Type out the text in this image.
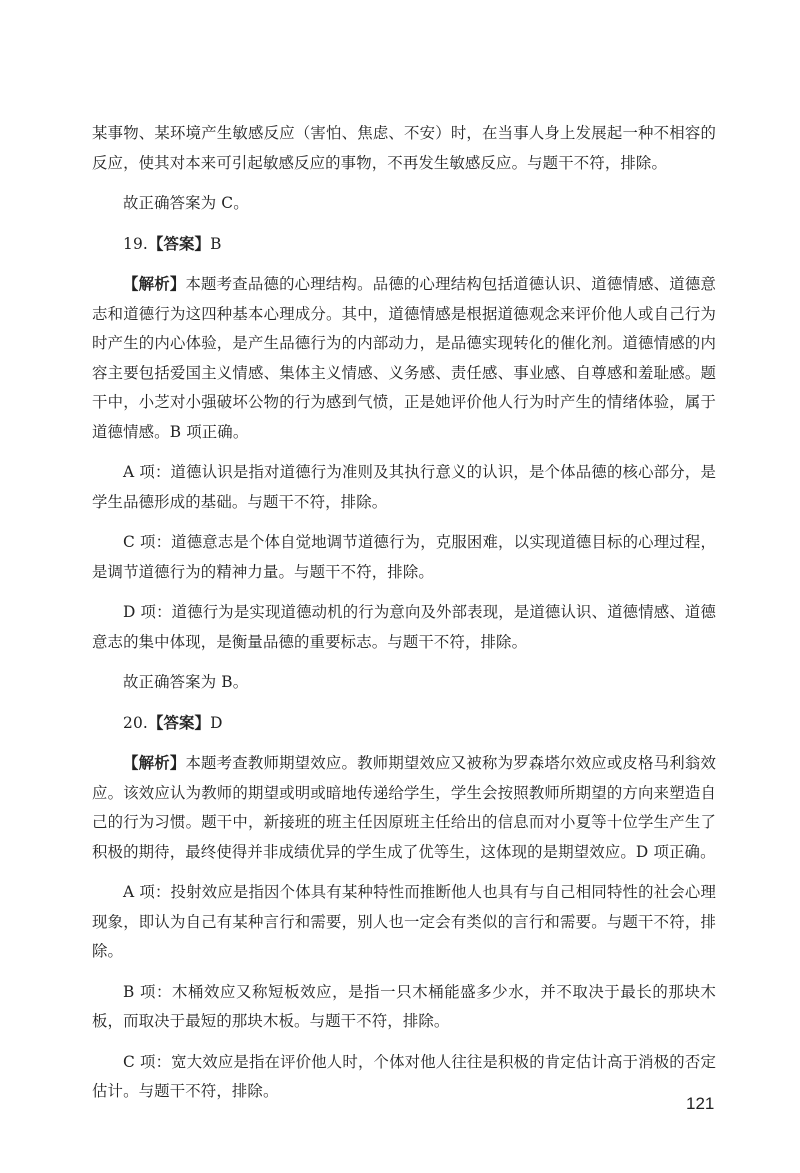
某事物、某环境产生敏感反应（害怕、焦虑、不安）时，在当事人身上发展起一种不相容的反应，使其对本来可引起敏感反应的事物，不再发生敏感反应。与题干不符，排除。

故正确答案为 C。

19.【答案】B

【解析】本题考查品德的心理结构。品德的心理结构包括道德认识、道德情感、道德意志和道德行为这四种基本心理成分。其中，道德情感是根据道德观念来评价他人或自己行为时产生的内心体验，是产生品德行为的内部动力，是品德实现转化的催化剂。道德情感的内容主要包括爱国主义情感、集体主义情感、义务感、责任感、事业感、自尊感和羞耻感。题干中，小芝对小强破坏公物的行为感到气愤，正是她评价他人行为时产生的情绪体验，属于道德情感。B 项正确。

A 项：道德认识是指对道德行为准则及其执行意义的认识，是个体品德的核心部分，是学生品德形成的基础。与题干不符，排除。

C 项：道德意志是个体自觉地调节道德行为，克服困难，以实现道德目标的心理过程，是调节道德行为的精神力量。与题干不符，排除。

D 项：道德行为是实现道德动机的行为意向及外部表现，是道德认识、道德情感、道德意志的集中体现，是衡量品德的重要标志。与题干不符，排除。

故正确答案为 B。

20.【答案】D

【解析】本题考查教师期望效应。教师期望效应又被称为罗森塔尔效应或皮格马利翁效应。该效应认为教师的期望或明或暗地传递给学生，学生会按照教师所期望的方向来塑造自己的行为习惯。题干中，新接班的班主任因原班主任给出的信息而对小夏等十位学生产生了积极的期待，最终使得并非成绩优异的学生成了优等生，这体现的是期望效应。D 项正确。

A 项：投射效应是指因个体具有某种特性而推断他人也具有与自己相同特性的社会心理现象，即认为自己有某种言行和需要，别人也一定会有类似的言行和需要。与题干不符，排除。

B 项：木桶效应又称短板效应，是指一只木桶能盛多少水，并不取决于最长的那块木板，而取决于最短的那块木板。与题干不符，排除。

C 项：宽大效应是指在评价他人时，个体对他人往往是积极的肯定估计高于消极的否定估计。与题干不符，排除。

121
